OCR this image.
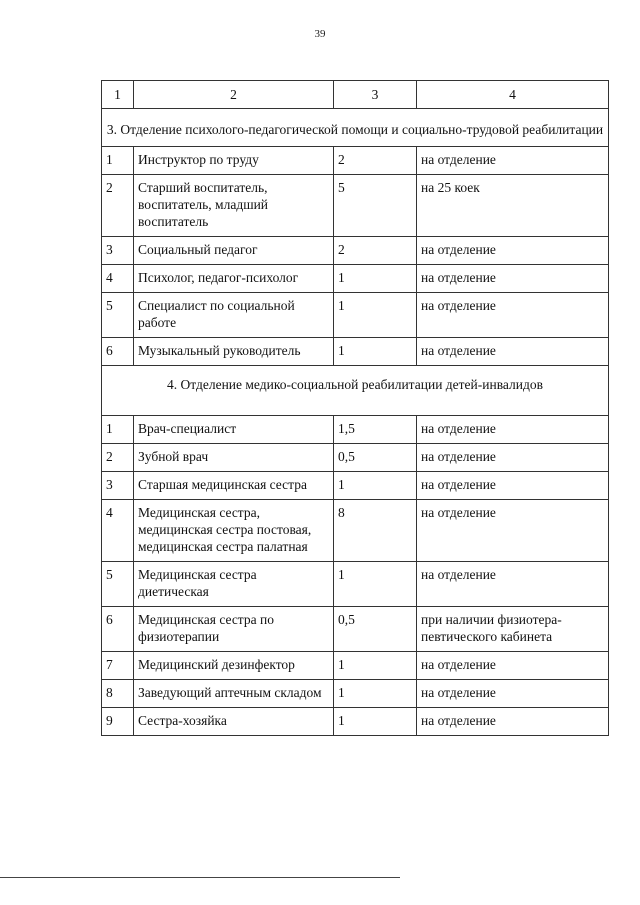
39
1	2	3	4
3. Отделение психолого-педагогической помощи и социально-трудовой реабилитации			
1	Инструктор по труду	2	на отделение
2	Старший воспитатель, воспитатель, младший воспитатель	5	на 25 коек
3	Социальный педагог	2	на отделение
4	Психолог, педагог-психолог	1	на отделение
5	Специалист по социальной работе	1	на отделение
6	Музыкальный руководитель	1	на отделение
4. Отделение медико-социальной реабилитации детей-инвалидов			
1	Врач-специалист	1,5	на отделение
2	Зубной врач	0,5	на отделение
3	Старшая медицинская сестра	1	на отделение
4	Медицинская сестра, медицинская сестра постовая, медицинская сестра палатная	8	на отделение
5	Медицинская сестра диетическая	1	на отделение
6	Медицинская сестра по физиотерапии	0,5	при наличии физиотера-певтического кабинета
7	Медицинский дезинфектор	1	на отделение
8	Заведующий аптечным складом	1	на отделение
9	Сестра-хозяйка	1	на отделение
